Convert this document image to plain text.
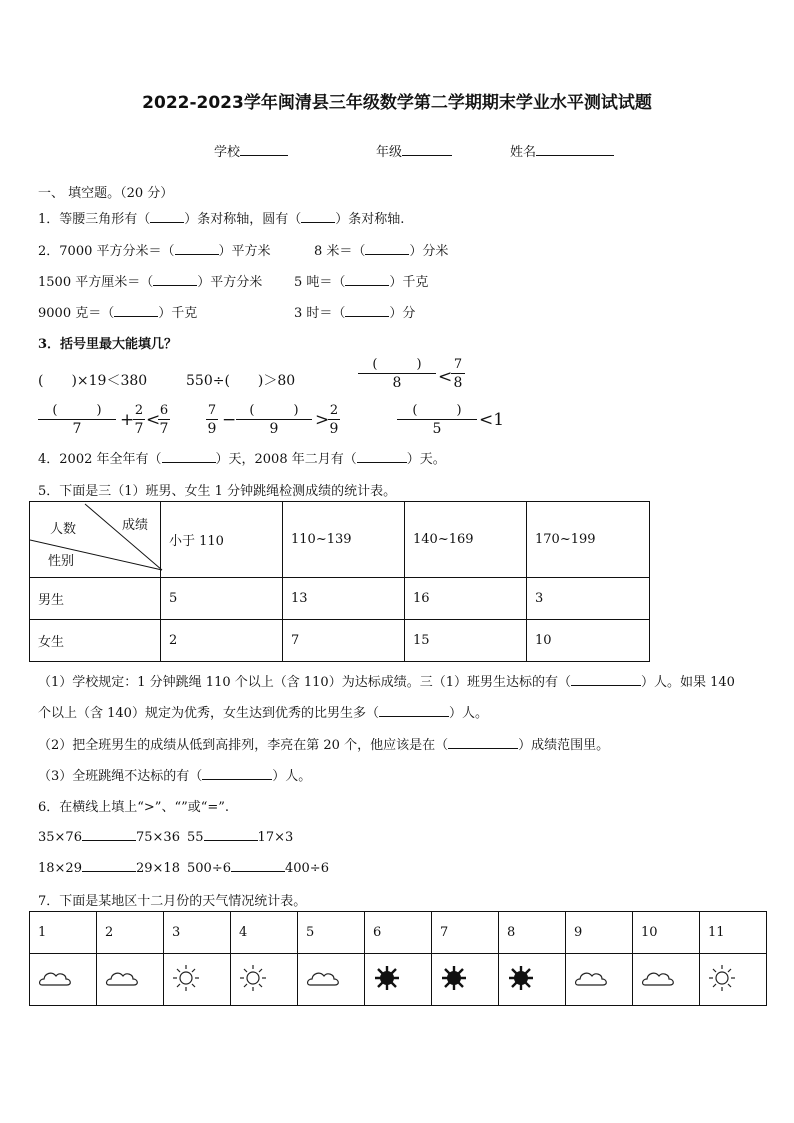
2022-2023学年闽清县三年级数学第二学期期末学业水平测试试题
学校	年级	姓名
一、 填空题。（20 分）
1．等腰三角形有（	）条对称轴，圆有（	）条对称轴.
2．7000 平方分米＝（	）平方米	8 米＝（	）分米
1500 平方厘米＝（	）平方分米 5 吨＝（	）千克
9000 克＝（	）千克	3 时＝（	）分
3．括号里最大能填几？
(　　)×19＜380	550÷(　　)＞80
(　　　)
8	<
7
8
(　　　)
7	+ 2
7 < 6
7
7
9 −	(　　　)
9	> 2
9
(　　　)
5	<1
4．2002 年全年有（	）天，2008 年二月有（	）天。
5．下面是三（1）班男、女生 1 分钟跳绳检测成绩的统计表。
人数 成绩
性别	小于 110	110~139	140~169	170~199
男生	5	13	16	3
女生	2	7	15	10
（1）学校规定：1 分钟跳绳 110 个以上（含 110）为达标成绩。三（1）班男生达标的有（	）人。如果 140
个以上（含 140）规定为优秀，女生达到优秀的比男生多（	）人。
（2）把全班男生的成绩从低到高排列，李亮在第 20 个，他应该是在（	）成绩范围里。
（3）全班跳绳不达标的有（	）人。
6．在横线上填上“>”、“”或“=”.
35×76	75×36 55	17×3
18×29	29×18 500÷6	400÷6
7．下面是某地区十二月份的天气情况统计表。
1	2	3	4	5	6	7	8	9	10	11
